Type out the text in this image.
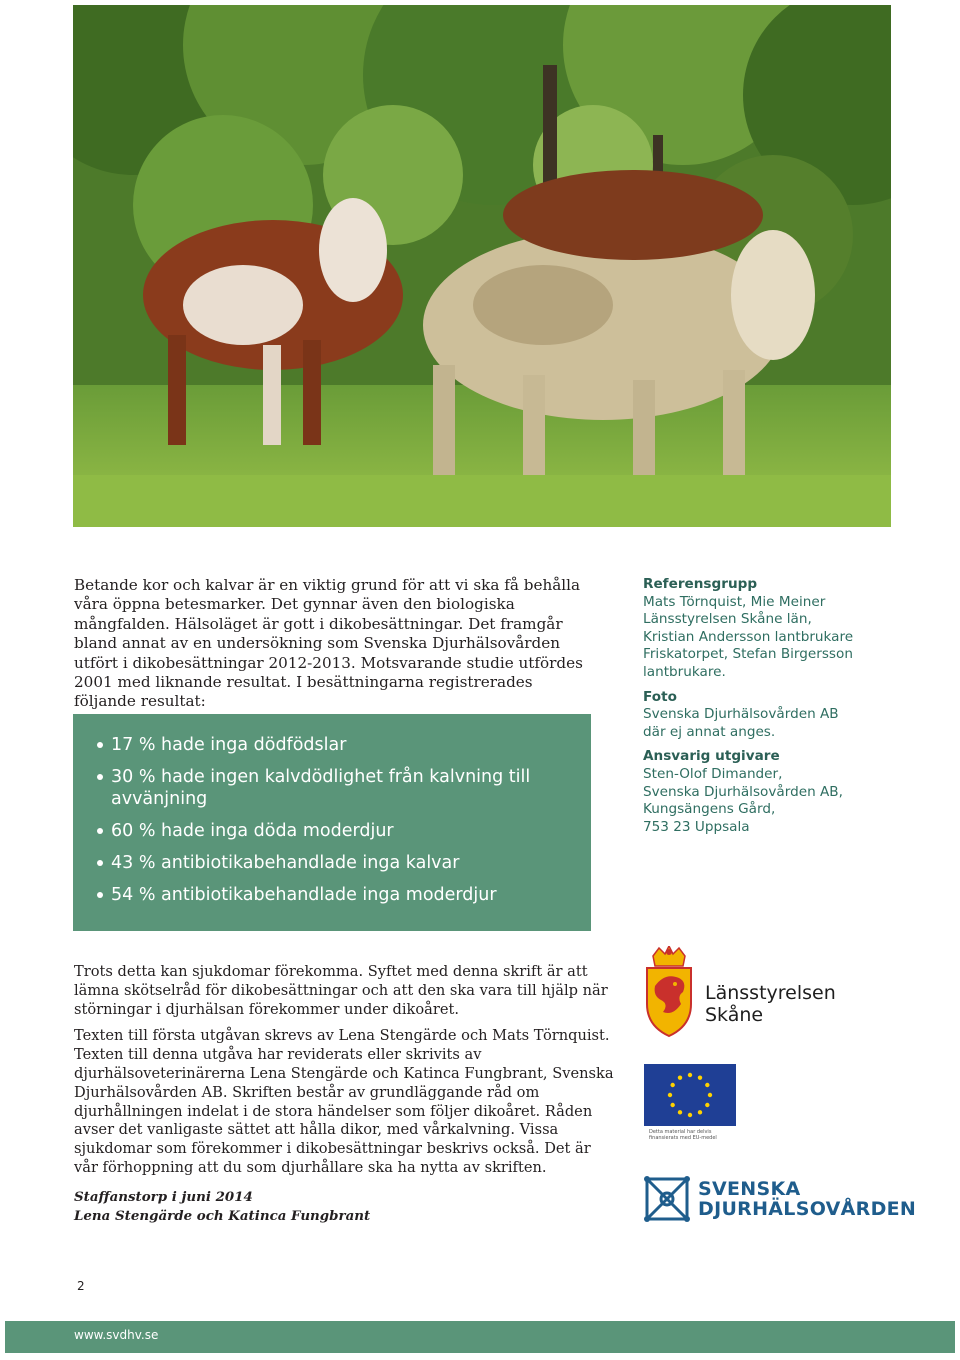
Betande kor och kalvar är en viktig grund för att vi ska få behålla våra öppna betesmarker. Det gynnar även den biologiska mångfalden. Hälsoläget är gott i dikobesättningar. Det framgår bland annat av en undersökning som Svenska Djurhälsovården utfört i dikobesättningar 2012-2013. Motsvarande studie utfördes 2001 med liknande resultat. I besättningarna registrerades följande resultat:

17 % hade inga dödfödslar
30 % hade ingen kalvdödlighet från kalvning till avvänjning
60 % hade inga döda moderdjur
43 % antibiotikabehandlade inga kalvar
54 % antibiotikabehandlade inga moderdjur
Referensgrupp
Mats Törnquist, Mie Meiner
Länsstyrelsen Skåne län,
Kristian Andersson lantbrukare
Friskatorpet, Stefan Birgersson
lantbrukare.
Foto
Svenska Djurhälsovården AB
där ej annat anges.
Ansvarig utgivare
Sten-Olof Dimander,
Svenska Djurhälsovården AB,
Kungsängens Gård,
753 23 Uppsala

Trots detta kan sjukdomar förekomma. Syftet med denna skrift är att lämna skötselråd för dikobesättningar och att den ska vara till hjälp när störningar i djurhälsan förekommer under dikoåret.

Texten till första utgåvan skrevs av Lena Stengärde och Mats Törnquist. Texten till denna utgåva har reviderats eller skrivits av djurhälsoveterinärerna Lena Stengärde och Katinca Fungbrant, Svenska Djurhälsovården AB. Skriften består av grundläggande råd om djurhållningen indelat i de stora händelser som följer dikoåret. Råden avser det vanligaste sättet att hålla dikor, med vårkalvning. Vissa sjukdomar som förekommer i dikobesättningar beskrivs också. Det är vår förhoppning att du som djurhållare ska ha nytta av skriften.

Staffanstorp i juni 2014
Lena Stengärde och Katinca Fungbrant
Länsstyrelsen
Skåne
Detta material har delvis finansierats med EU-medel
SVENSKA
DJURHÄLSOVÅRDEN
2
www.svdhv.se
